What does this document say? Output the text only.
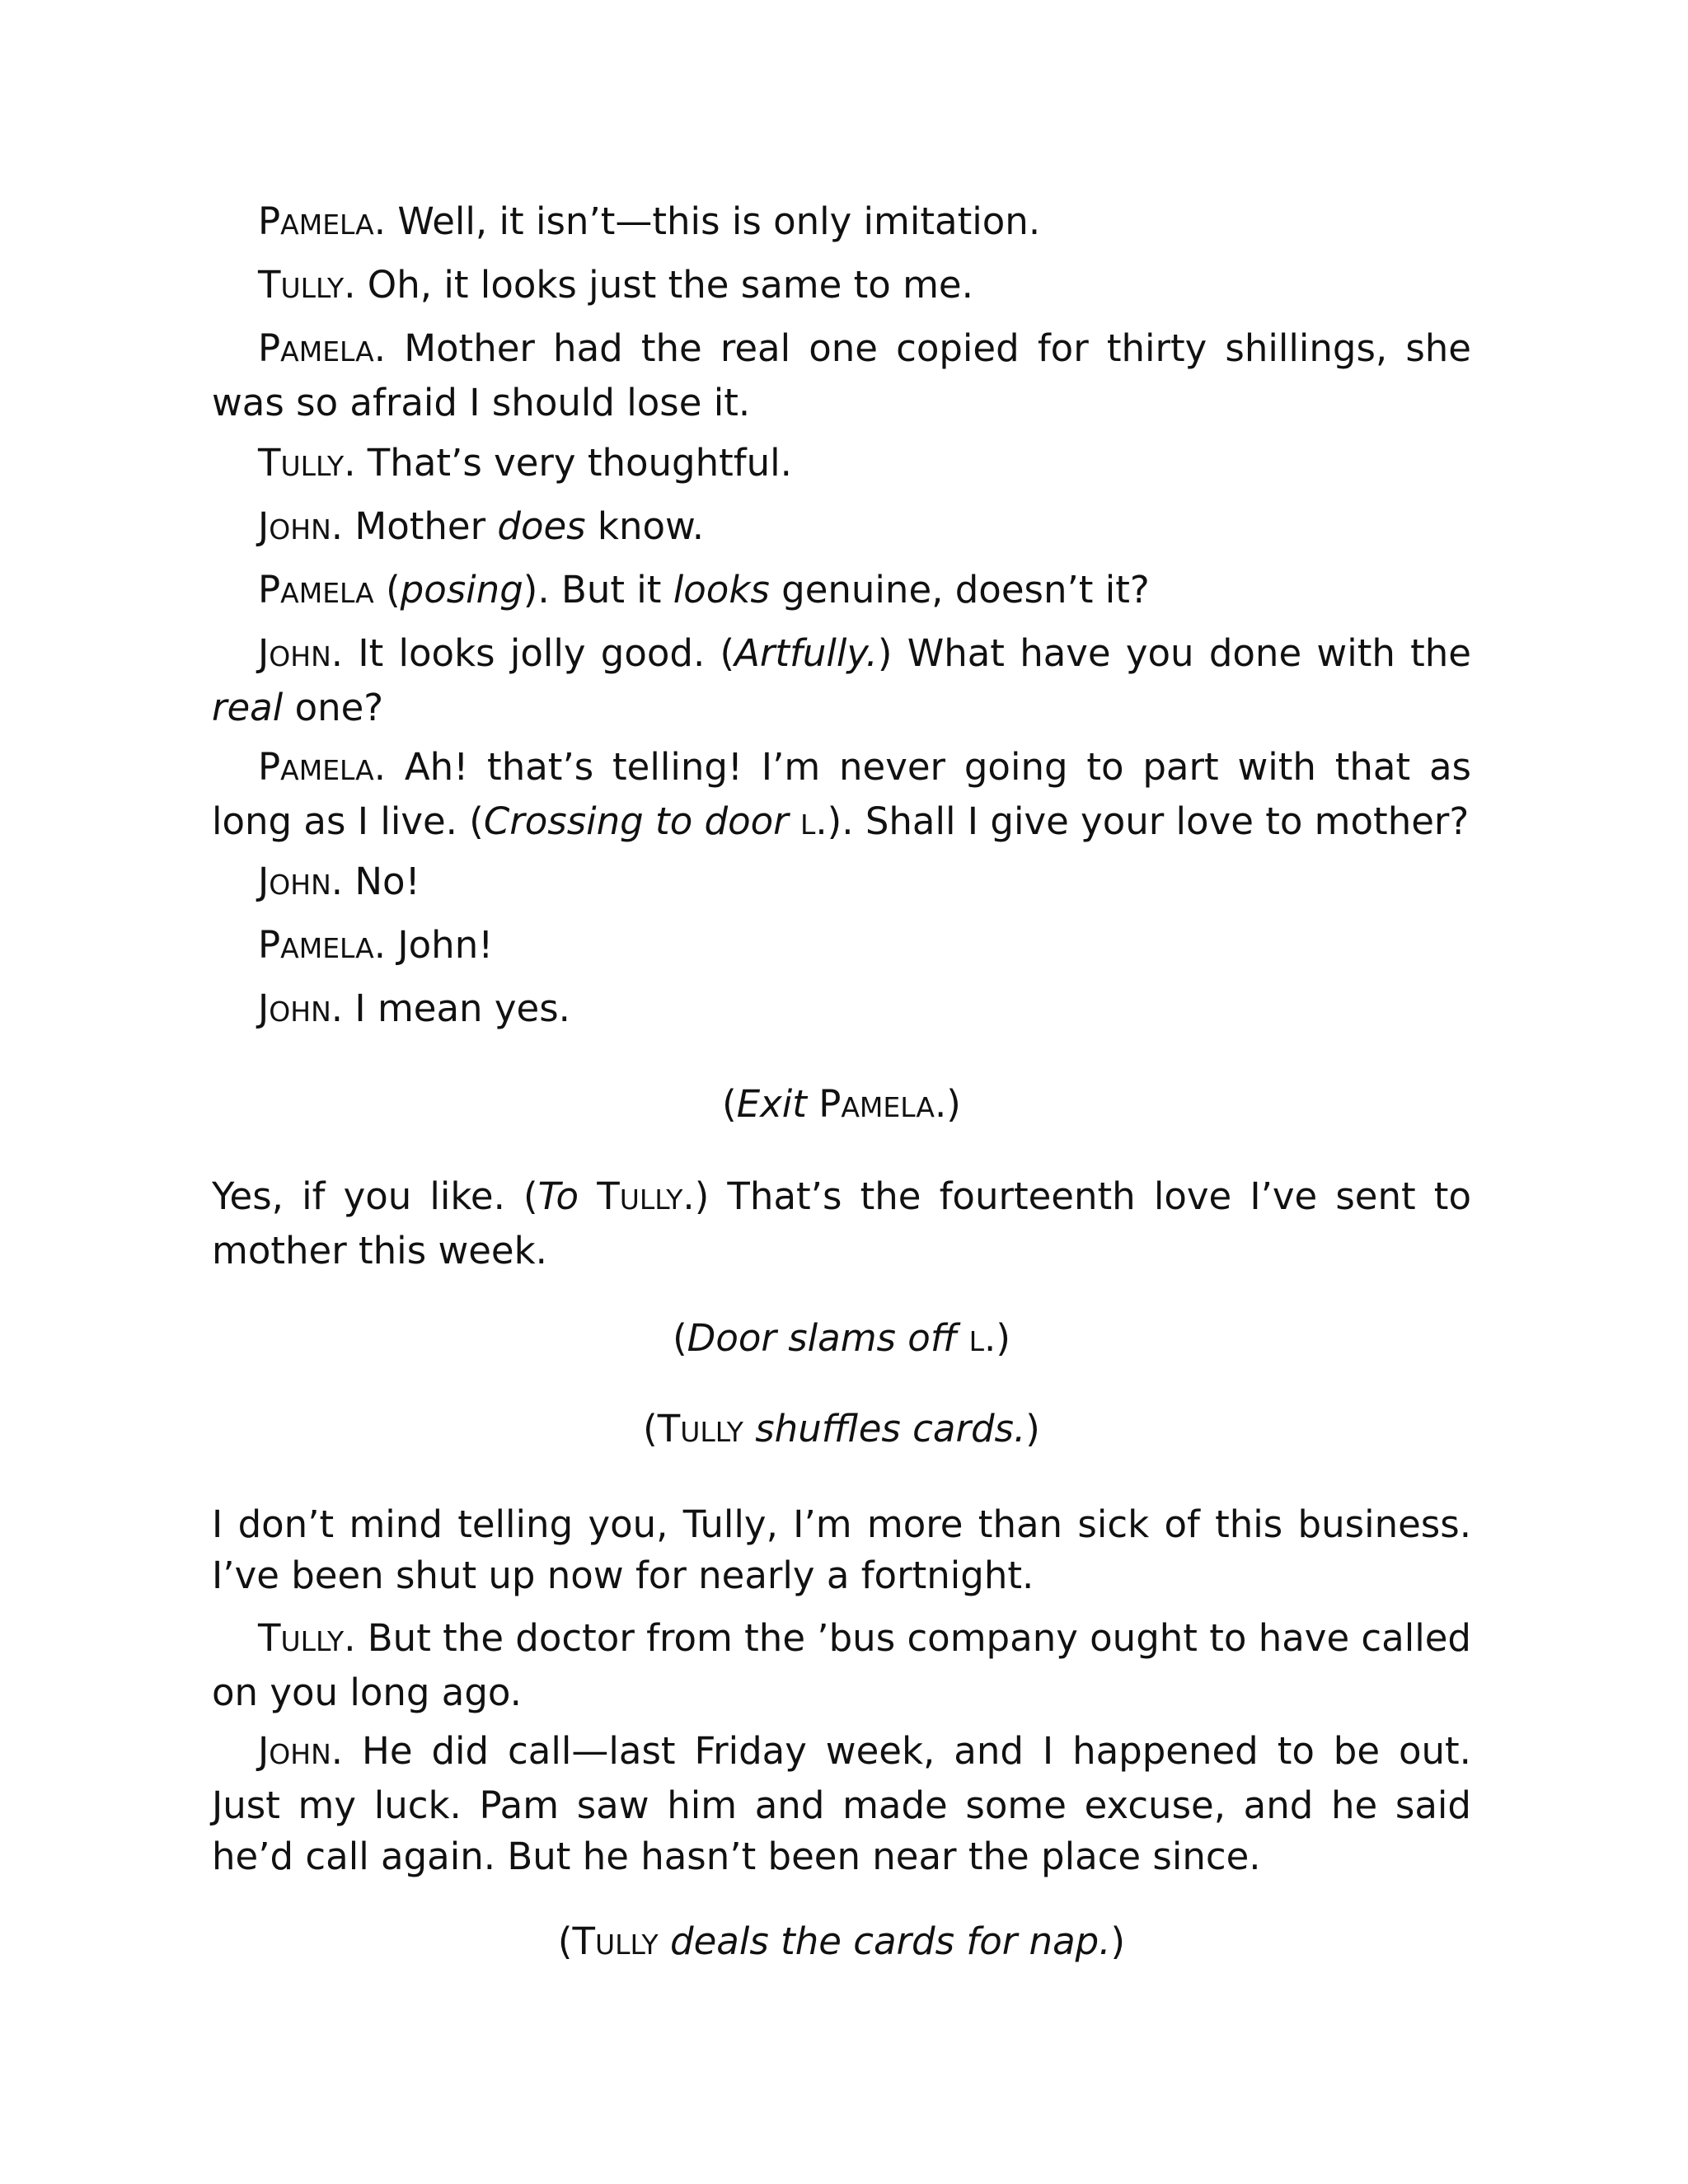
PAMELA. Well, it isn’t—this is only imitation.

TULLY. Oh, it looks just the same to me.

PAMELA. Mother had the real one copied for thirty shillings, she was so afraid I should lose it.

TULLY. That’s very thoughtful.

JOHN. Mother does know.

PAMELA (posing). But it looks genuine, doesn’t it?

JOHN. It looks jolly good. (Artfully.) What have you done with the real one?

PAMELA. Ah! that’s telling! I’m never going to part with that as long as I live. (Crossing to door L.). Shall I give your love to mother?

JOHN. No!

PAMELA. John!

JOHN. I mean yes.

(Exit PAMELA.)

Yes, if you like. (To TULLY.) That’s the fourteenth love I’ve sent to mother this week.

(Door slams off L.)

(TULLY shuffles cards.)

I don’t mind telling you, Tully, I’m more than sick of this business. I’ve been shut up now for nearly a fortnight.

TULLY. But the doctor from the ’bus company ought to have called on you long ago.

JOHN. He did call—last Friday week, and I happened to be out. Just my luck. Pam saw him and made some excuse, and he said he’d call again. But he hasn’t been near the place since.

(TULLY deals the cards for nap.)
